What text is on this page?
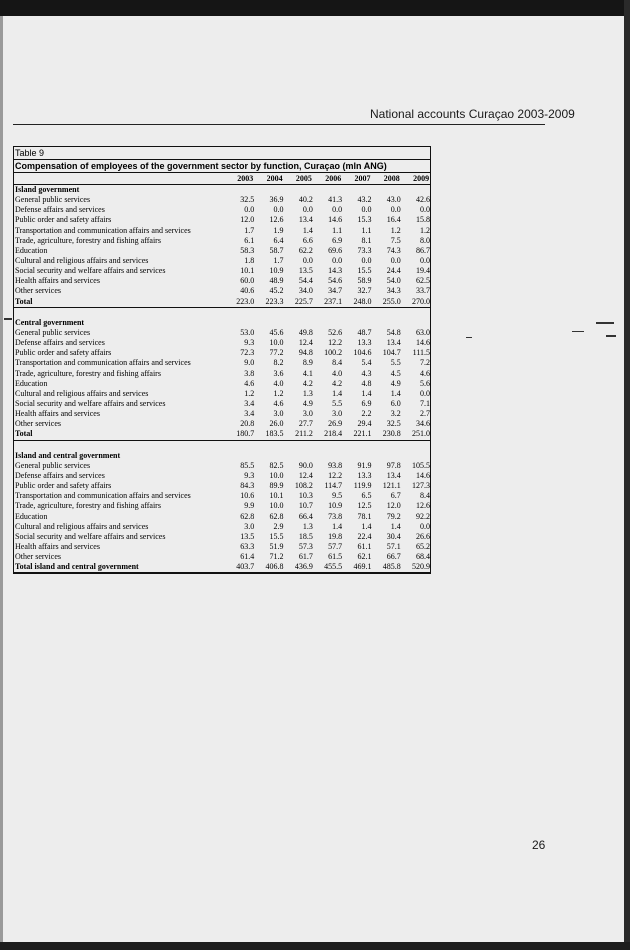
National accounts Curaçao 2003-2009
Table 9
Compensation of employees of the government sector by function, Curaçao (mln ANG)
2003	2004	2005	2006	2007	2008	2009
Island government
General public services	32.5	36.9	40.2	41.3	43.2	43.0	42.6
Defense affairs and services	0.0	0.0	0.0	0.0	0.0	0.0	0.0
Public order and safety affairs	12.0	12.6	13.4	14.6	15.3	16.4	15.8
Transportation and communication affairs and services	1.7	1.9	1.4	1.1	1.1	1.2	1.2
Trade, agriculture, forestry and fishing affairs	6.1	6.4	6.6	6.9	8.1	7.5	8.0
Education	58.3	58.7	62.2	69.6	73.3	74.3	86.7
Cultural and religious affairs and services	1.8	1.7	0.0	0.0	0.0	0.0	0.0
Social security and welfare affairs and services	10.1	10.9	13.5	14.3	15.5	24.4	19.4
Health affairs and services	60.0	48.9	54.4	54.6	58.9	54.0	62.5
Other services	40.6	45.2	34.0	34.7	32.7	34.3	33.7
Total	223.0	223.3	225.7	237.1	248.0	255.0	270.0
Central government
General public services	53.0	45.6	49.8	52.6	48.7	54.8	63.0
Defense affairs and services	9.3	10.0	12.4	12.2	13.3	13.4	14.6
Public order and safety affairs	72.3	77.2	94.8	100.2	104.6	104.7	111.5
Transportation and communication affairs and services	9.0	8.2	8.9	8.4	5.4	5.5	7.2
Trade, agriculture, forestry and fishing affairs	3.8	3.6	4.1	4.0	4.3	4.5	4.6
Education	4.6	4.0	4.2	4.2	4.8	4.9	5.6
Cultural and religious affairs and services	1.2	1.2	1.3	1.4	1.4	1.4	0.0
Social security and welfare affairs and services	3.4	4.6	4.9	5.5	6.9	6.0	7.1
Health affairs and services	3.4	3.0	3.0	3.0	2.2	3.2	2.7
Other services	20.8	26.0	27.7	26.9	29.4	32.5	34.6
Total	180.7	183.5	211.2	218.4	221.1	230.8	251.0
Island and central government
General public services	85.5	82.5	90.0	93.8	91.9	97.8	105.5
Defense affairs and services	9.3	10.0	12.4	12.2	13.3	13.4	14.6
Public order and safety affairs	84.3	89.9	108.2	114.7	119.9	121.1	127.3
Transportation and communication affairs and services	10.6	10.1	10.3	9.5	6.5	6.7	8.4
Trade, agriculture, forestry and fishing affairs	9.9	10.0	10.7	10.9	12.5	12.0	12.6
Education	62.8	62.8	66.4	73.8	78.1	79.2	92.2
Cultural and religious affairs and services	3.0	2.9	1.3	1.4	1.4	1.4	0.0
Social security and welfare affairs and services	13.5	15.5	18.5	19.8	22.4	30.4	26.6
Health affairs and services	63.3	51.9	57.3	57.7	61.1	57.1	65.2
Other services	61.4	71.2	61.7	61.5	62.1	66.7	68.4
Total island and central government	403.7	406.8	436.9	455.5	469.1	485.8	520.9
26
